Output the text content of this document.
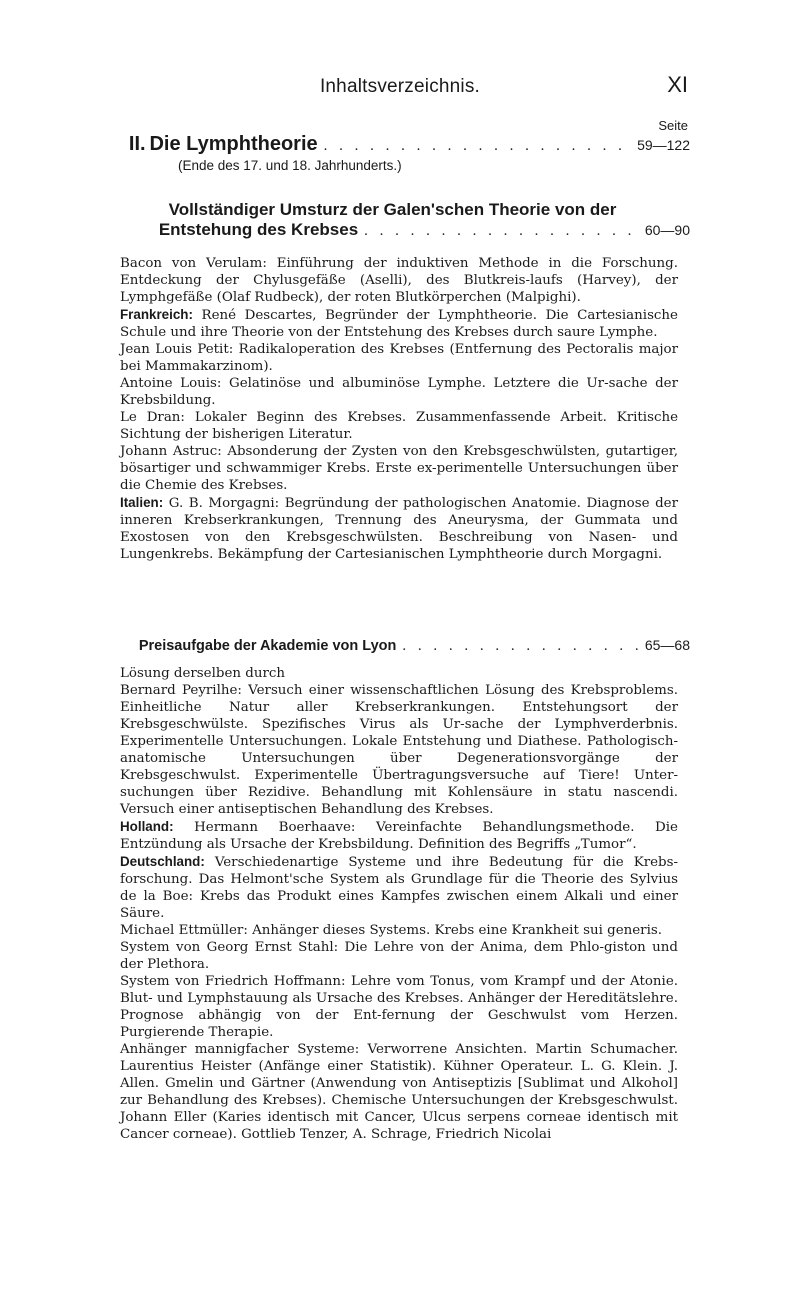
Inhaltsverzeichnis.	XI
Seite
II. Die Lymphtheorie . . .	59—122
(Ende des 17. und 18. Jahrhunderts.)
Vollständiger Umsturz der Galen'schen Theorie von der
Entstehung des Krebses . . .	60—90

Bacon von Verulam: Einführung der induktiven Methode in die Forschung. Entdeckung der Chylusgefäße (Aselli), des Blutkreis-laufs (Harvey), der Lymphgefäße (Olaf Rudbeck), der roten Blutkörperchen (Malpighi).

Frankreich: René Descartes, Begründer der Lymphtheorie. Die Cartesianische Schule und ihre Theorie von der Entstehung des Krebses durch saure Lymphe.

Jean Louis Petit: Radikaloperation des Krebses (Entfernung des Pectoralis major bei Mammakarzinom).

Antoine Louis: Gelatinöse und albuminöse Lymphe. Letztere die Ur-sache der Krebsbildung.

Le Dran: Lokaler Beginn des Krebses. Zusammenfassende Arbeit. Kritische Sichtung der bisherigen Literatur.

Johann Astruc: Absonderung der Zysten von den Krebsgeschwülsten, gutartiger, bösartiger und schwammiger Krebs. Erste ex-perimentelle Untersuchungen über die Chemie des Krebses.

Italien: G. B. Morgagni: Begründung der pathologischen Anatomie. Diagnose der inneren Krebserkrankungen, Trennung des Aneurysma, der Gummata und Exostosen von den Krebsgeschwülsten. Beschreibung von Nasen- und Lungenkrebs. Bekämpfung der Cartesianischen Lymphtheorie durch Morgagni.

Preisaufgabe der Akademie von Lyon . . .	65—68

Lösung derselben durch

Bernard Peyrilhe: Versuch einer wissenschaftlichen Lösung des Krebsproblems. Einheitliche Natur aller Krebserkrankungen. Entstehungsort der Krebsgeschwülste. Spezifisches Virus als Ur-sache der Lymphverderbnis. Experimentelle Untersuchungen. Lokale Entstehung und Diathese. Pathologisch-anatomische Untersuchungen über Degenerationsvorgänge der Krebsgeschwulst. Experimentelle Übertragungsversuche auf Tiere! Unter-suchungen über Rezidive. Behandlung mit Kohlensäure in statu nascendi. Versuch einer antiseptischen Behandlung des Krebses.

Holland: Hermann Boerhaave: Vereinfachte Behandlungsmethode. Die Entzündung als Ursache der Krebsbildung. Definition des Begriffs „Tumor“.

Deutschland: Verschiedenartige Systeme und ihre Bedeutung für die Krebs-forschung. Das Helmont'sche System als Grundlage für die Theorie des Sylvius de la Boe: Krebs das Produkt eines Kampfes zwischen einem Alkali und einer Säure.

Michael Ettmüller: Anhänger dieses Systems. Krebs eine Krankheit sui generis.

System von Georg Ernst Stahl: Die Lehre von der Anima, dem Phlo-giston und der Plethora.

System von Friedrich Hoffmann: Lehre vom Tonus, vom Krampf und der Atonie. Blut- und Lymphstauung als Ursache des Krebses. Anhänger der Hereditätslehre. Prognose abhängig von der Ent-fernung der Geschwulst vom Herzen. Purgierende Therapie.

Anhänger mannigfacher Systeme: Verworrene Ansichten. Martin Schumacher. Laurentius Heister (Anfänge einer Statistik). Kühner Operateur. L. G. Klein. J. Allen. Gmelin und Gärtner (Anwendung von Antiseptizis [Sublimat und Alkohol] zur Behandlung des Krebses). Chemische Untersuchungen der Krebsgeschwulst. Johann Eller (Karies identisch mit Cancer, Ulcus serpens corneae identisch mit Cancer corneae). Gottlieb Tenzer, A. Schrage, Friedrich Nicolai
